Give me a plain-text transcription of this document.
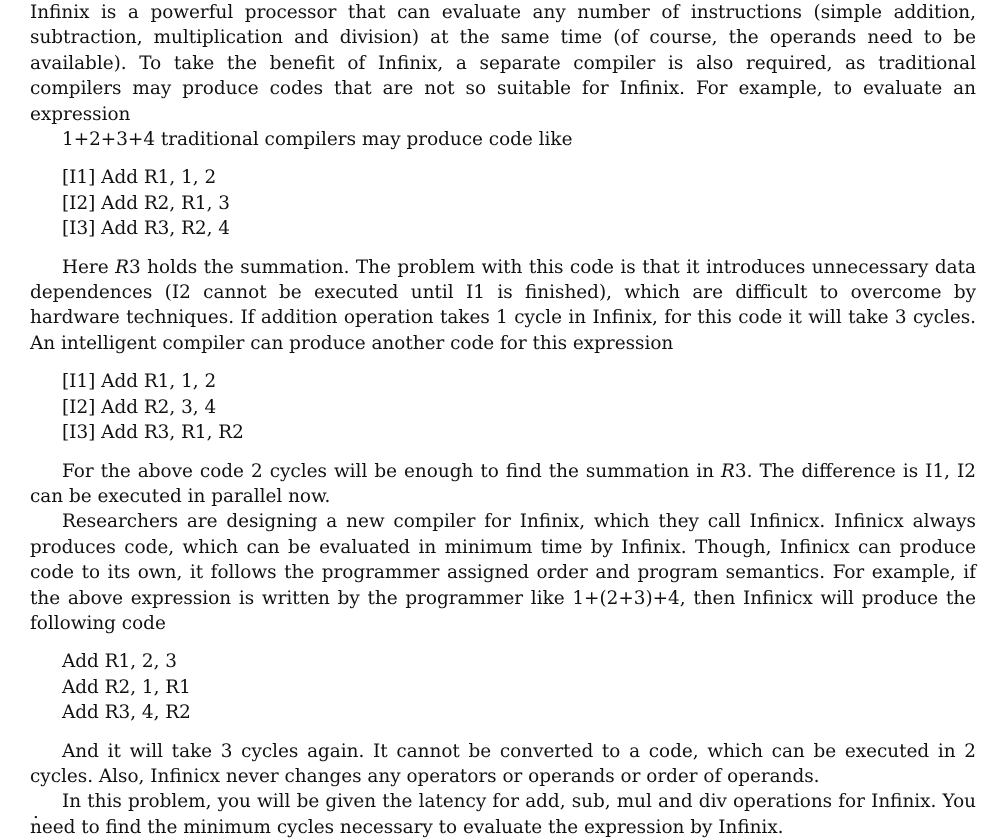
Infinix is a powerful processor that can evaluate any number of instructions (simple addition, subtraction, multiplication and division) at the same time (of course, the operands need to be available). To take the benefit of Infinix, a separate compiler is also required, as traditional compilers may produce codes that are not so suitable for Infinix. For example, to evaluate an expression

1+2+3+4 traditional compilers may produce code like

[I1] Add R1, 1, 2
[I2] Add R2, R1, 3
[I3] Add R3, R2, 4

Here R3 holds the summation. The problem with this code is that it introduces unnecessary data dependences (I2 cannot be executed until I1 is finished), which are difficult to overcome by hardware techniques. If addition operation takes 1 cycle in Infinix, for this code it will take 3 cycles. An intelligent compiler can produce another code for this expression

[I1] Add R1, 1, 2
[I2] Add R2, 3, 4
[I3] Add R3, R1, R2

For the above code 2 cycles will be enough to find the summation in R3. The difference is I1, I2 can be executed in parallel now.

Researchers are designing a new compiler for Infinix, which they call Infinicx. Infinicx always produces code, which can be evaluated in minimum time by Infinix. Though, Infinicx can produce code to its own, it follows the programmer assigned order and program semantics. For example, if the above expression is written by the programmer like 1+(2+3)+4, then Infinicx will produce the following code

Add R1, 2, 3
Add R2, 1, R1
Add R3, 4, R2

And it will take 3 cycles again. It cannot be converted to a code, which can be executed in 2 cycles. Also, Infinicx never changes any operators or operands or order of operands.

In this problem, you will be given the latency for add, sub, mul and div operations for Infinix. You need to find the minimum cycles necessary to evaluate the expression by Infinix.

.
